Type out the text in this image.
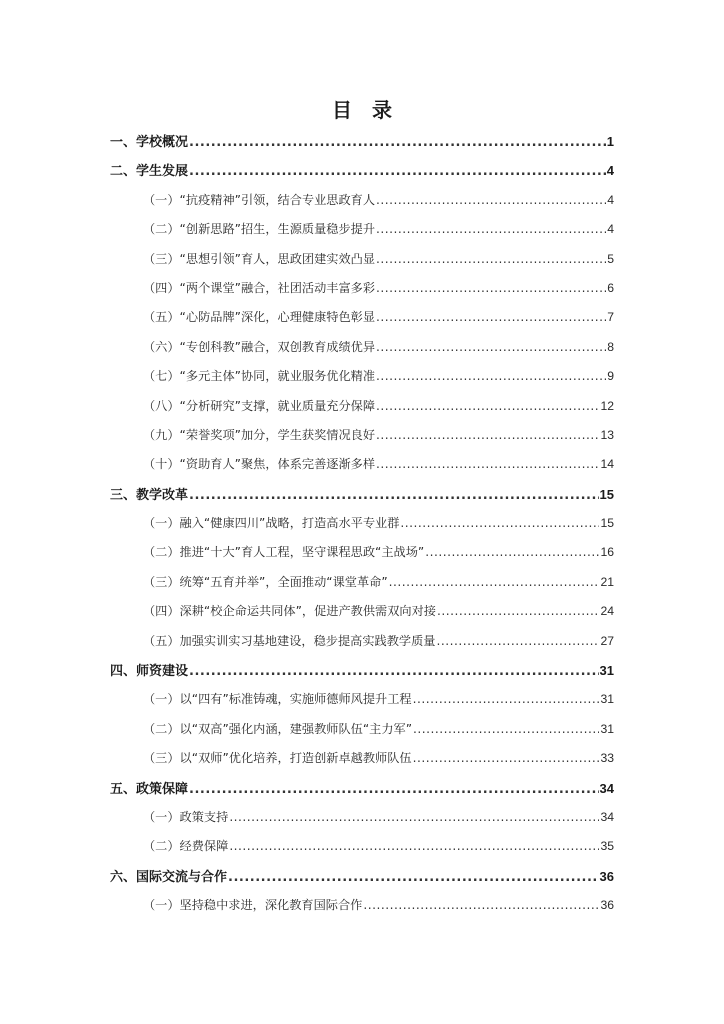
目　录
一、学校概况 .....	1
二、学生发展 .....	4
（一）“抗疫精神”引领，结合专业思政育人 .....	4
（二）“创新思路”招生，生源质量稳步提升 .....	4
（三）“思想引领”育人，思政团建实效凸显 .....	5
（四）“两个课堂”融合，社团活动丰富多彩 .....	6
（五）“心防品牌”深化，心理健康特色彰显 .....	7
（六）“专创科教”融合，双创教育成绩优异 .....	8
（七）“多元主体”协同，就业服务优化精准 .....	9
（八）“分析研究”支撑，就业质量充分保障 .....	12
（九）“荣誉奖项”加分，学生获奖情况良好 .....	13
（十）“资助育人”聚焦，体系完善逐渐多样 .....	14
三、教学改革 .....	15
（一）融入“健康四川”战略，打造高水平专业群 .....	15
（二）推进“十大”育人工程，坚守课程思政“主战场” .....	16
（三）统筹“五育并举”，全面推动“课堂革命” .....	21
（四）深耕“校企命运共同体”，促进产教供需双向对接 .....	24
（五）加强实训实习基地建设，稳步提高实践教学质量 .....	27
四、师资建设 .....	31
（一）以“四有”标准铸魂，实施师德师风提升工程 .....	31
（二）以“双高”强化内涵，建强教师队伍“主力军” .....	31
（三）以“双师”优化培养，打造创新卓越教师队伍 .....	33
五、政策保障 .....	34
（一）政策支持 .....	34
（二）经费保障 .....	35
六、国际交流与合作 .....	36
（一）坚持稳中求进，深化教育国际合作 .....	36
